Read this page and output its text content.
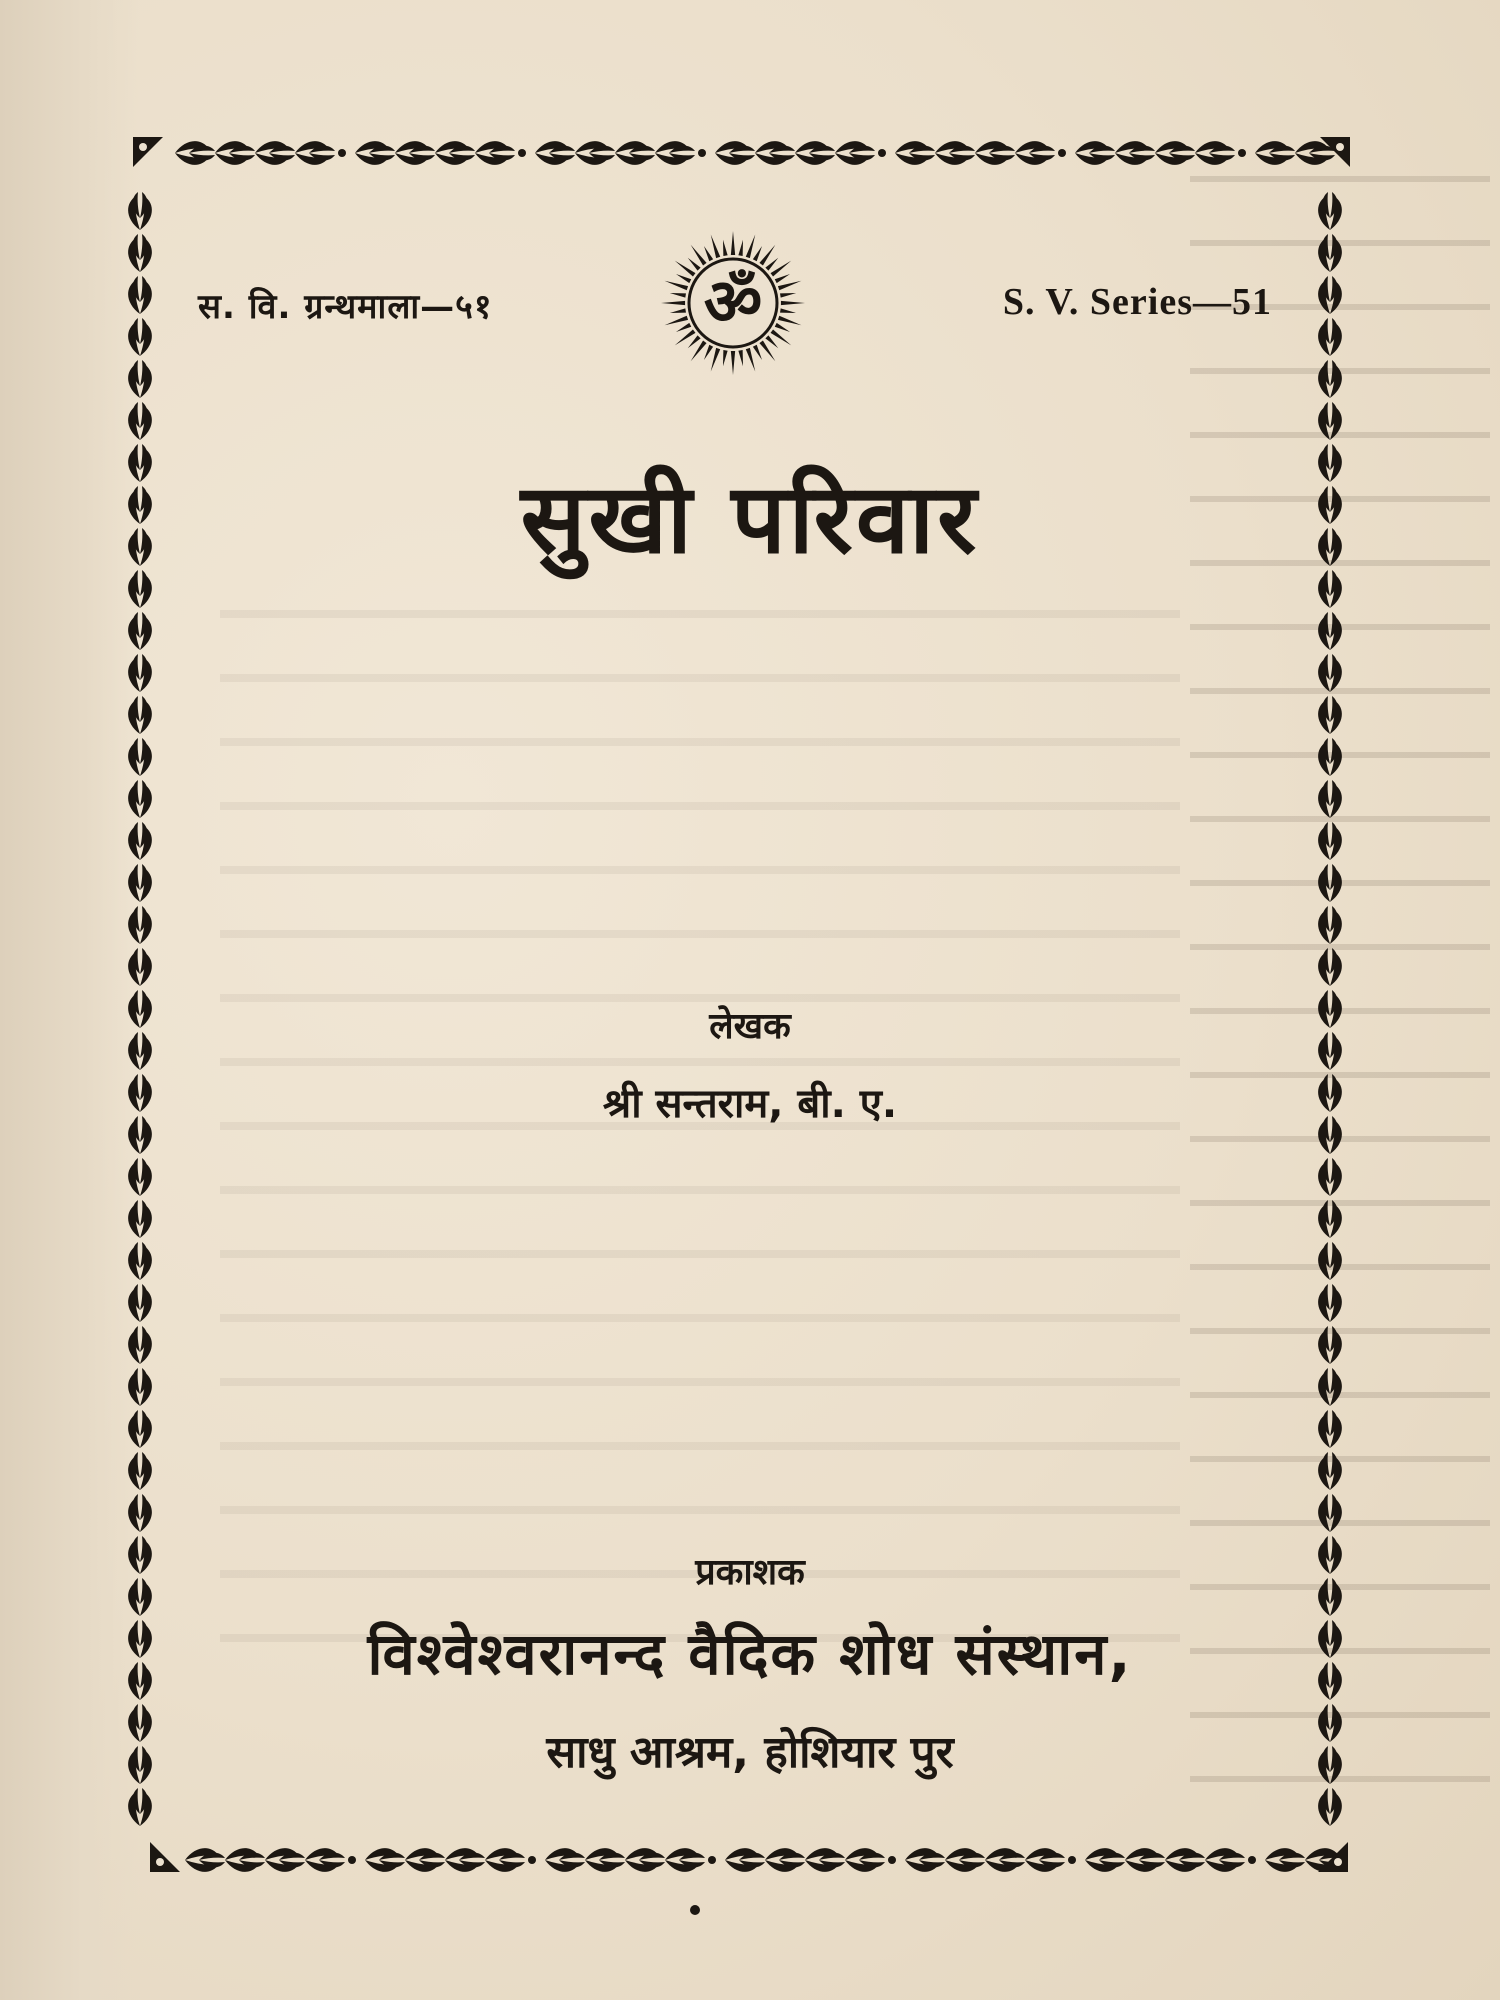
स. वि. ग्रन्थमाला—५१	ॐ	S. V. Series—51
सुखी परिवार
लेखक
श्री सन्तराम, बी. ए.
प्रकाशक
विश्वेश्वरानन्द वैदिक शोध संस्थान,
साधु आश्रम, होशियार पुर
